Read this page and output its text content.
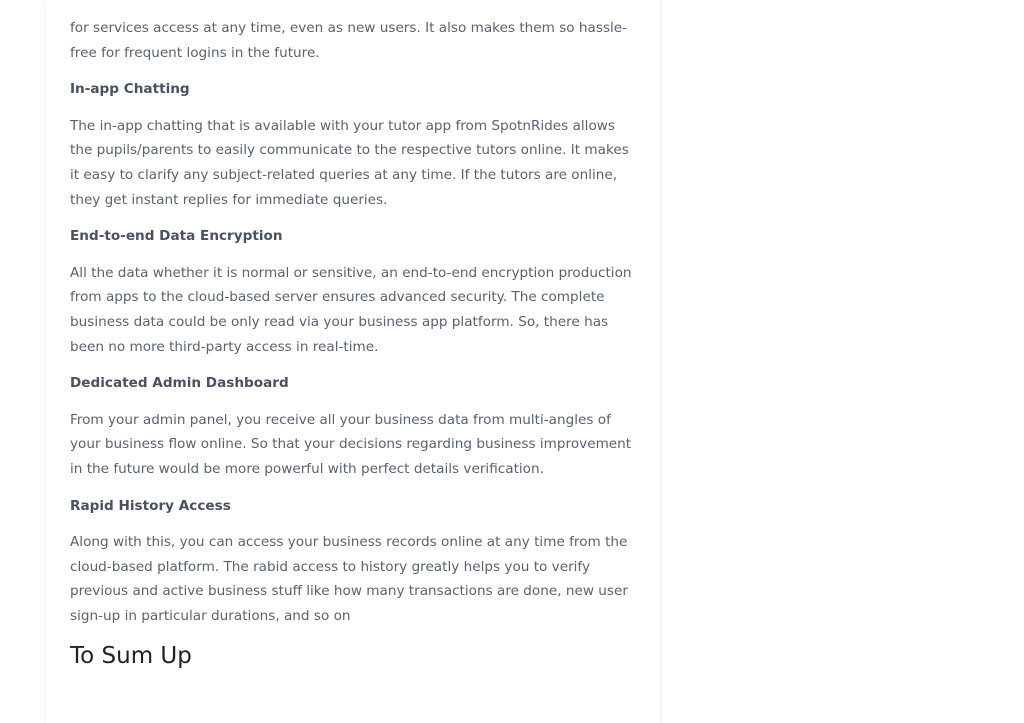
for services access at any time, even as new users. It also makes them so hassle-free for frequent logins in the future.

In-app Chatting

The in-app chatting that is available with your tutor app from SpotnRides allows the pupils/parents to easily communicate to the respective tutors online. It makes it easy to clarify any subject-related queries at any time. If the tutors are online, they get instant replies for immediate queries.

End-to-end Data Encryption

All the data whether it is normal or sensitive, an end-to-end encryption production from apps to the cloud-based server ensures advanced security. The complete business data could be only read via your business app platform. So, there has been no more third-party access in real-time.

Dedicated Admin Dashboard

From your admin panel, you receive all your business data from multi-angles of your business flow online. So that your decisions regarding business improvement in the future would be more powerful with perfect details verification.

Rapid History Access

Along with this, you can access your business records online at any time from the cloud-based platform. The rabid access to history greatly helps you to verify previous and active business stuff like how many transactions are done, new user sign-up in particular durations, and so on

To Sum Up
